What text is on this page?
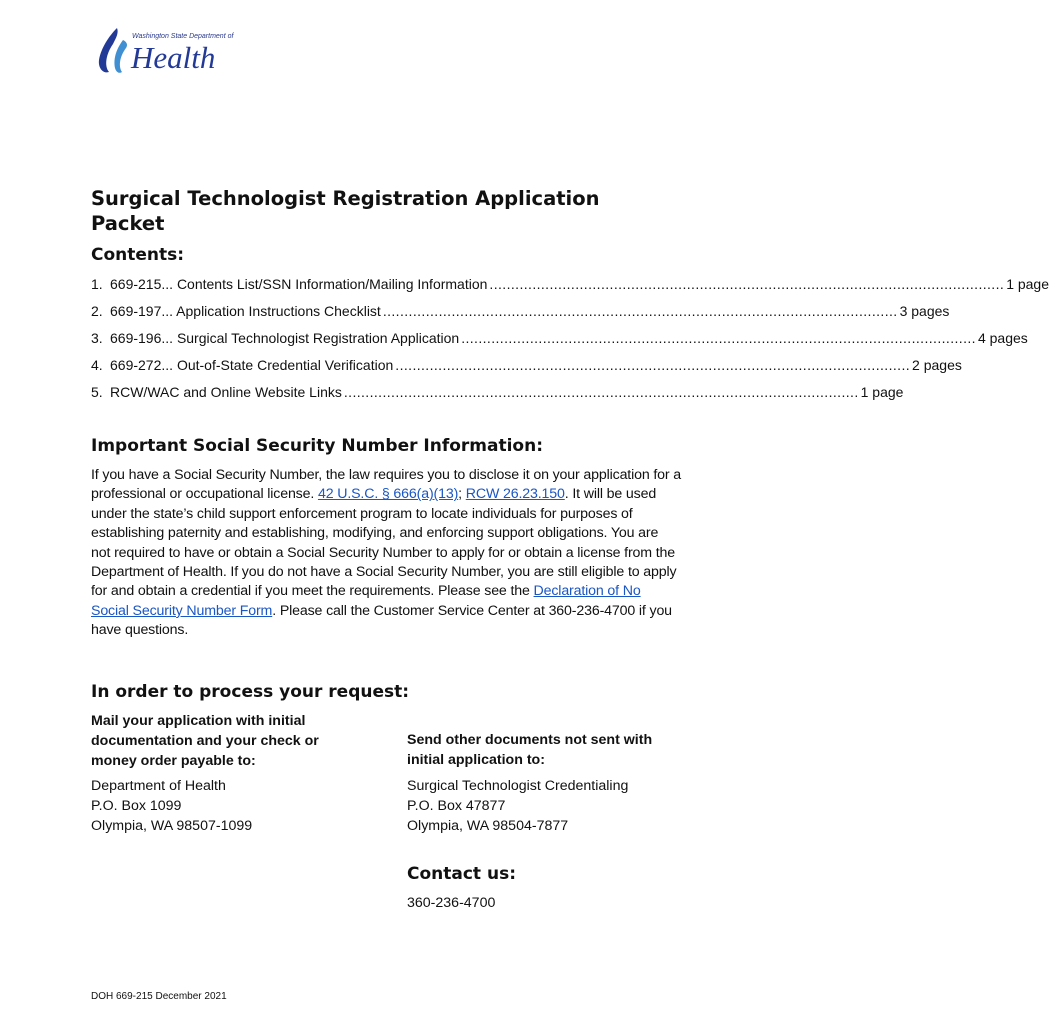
Washington State Department of
Health
Surgical Technologist Registration Application Packet
Contents:
1. 669-215... Contents List/SSN Information/Mailing Information ........................................................................................................................ 1 page
2. 669-197... Application Instructions Checklist ........................................................................................................................ 3 pages
3. 669-196... Surgical Technologist Registration Application ........................................................................................................................ 4 pages
4. 669-272... Out-of-State Credential Verification ........................................................................................................................ 2 pages
5. RCW/WAC and Online Website Links ........................................................................................................................ 1 page
Important Social Security Number Information:
If you have a Social Security Number, the law requires you to disclose it on your application for a professional or occupational license. 42 U.S.C. § 666(a)(13); RCW 26.23.150. It will be used under the state’s child support enforcement program to locate individuals for purposes of establishing paternity and establishing, modifying, and enforcing support obligations. You are not required to have or obtain a Social Security Number to apply for or obtain a license from the Department of Health. If you do not have a Social Security Number, you are still eligible to apply for and obtain a credential if you meet the requirements. Please see the Declaration of No Social Security Number Form. Please call the Customer Service Center at 360-236-4700 if you have questions.
In order to process your request:
Mail your application with initial documentation and your check or money order payable to:
Department of Health
P.O. Box 1099
Olympia, WA 98507-1099
Send other documents not sent with initial application to:
Surgical Technologist Credentialing
P.O. Box 47877
Olympia, WA 98504-7877
Contact us:
360-236-4700
DOH 669-215 December 2021
